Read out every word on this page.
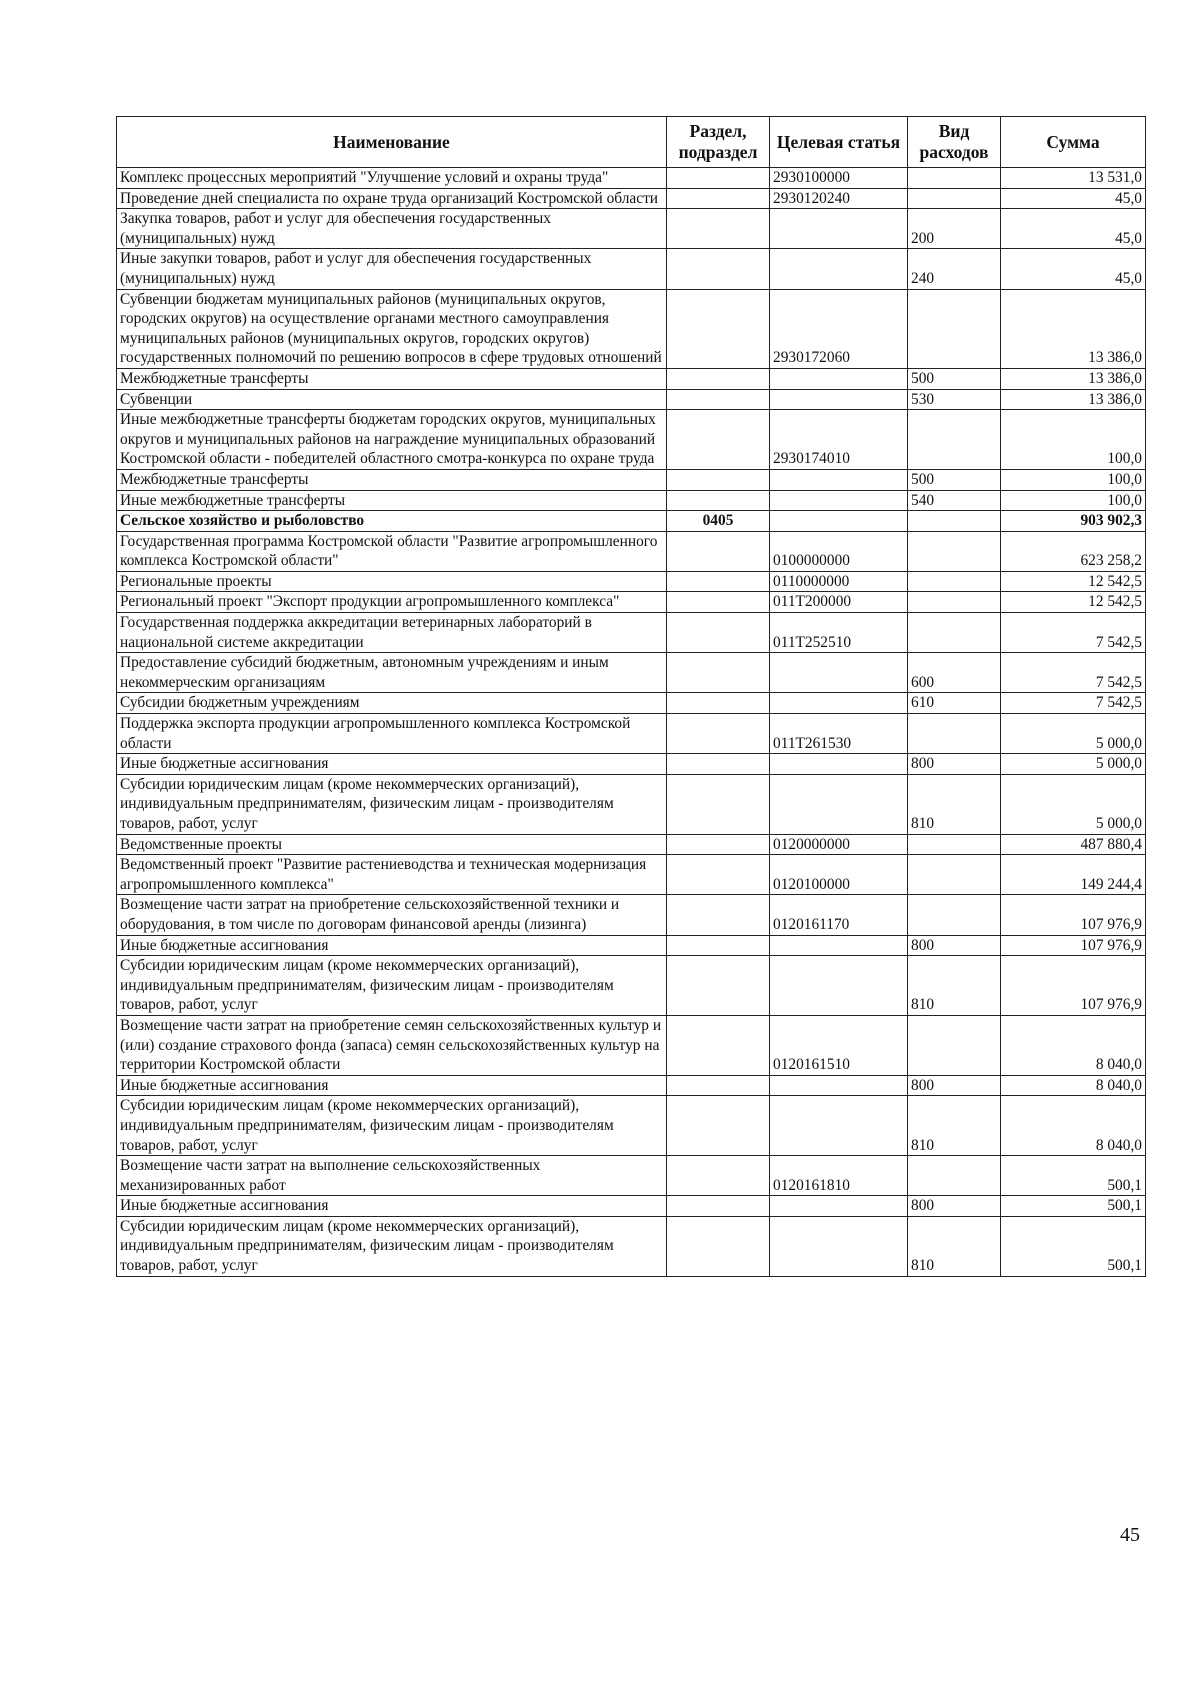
Наименование	Раздел, подраздел	Целевая статья	Вид расходов	Сумма
Комплекс процессных мероприятий "Улучшение условий и охраны труда"		2930100000		13 531,0
Проведение дней специалиста по охране труда организаций Костромской области		2930120240		45,0
Закупка товаров, работ и услуг для обеспечения государственных (муниципальных) нужд			200	45,0
Иные закупки товаров, работ и услуг для обеспечения государственных (муниципальных) нужд			240	45,0
Субвенции бюджетам муниципальных районов (муниципальных округов, городских округов) на осуществление органами местного самоуправления муниципальных районов (муниципальных округов, городских округов) государственных полномочий по решению вопросов в сфере трудовых отношений		2930172060		13 386,0
Межбюджетные трансферты			500	13 386,0
Субвенции			530	13 386,0
Иные межбюджетные трансферты бюджетам городских округов, муниципальных округов и муниципальных районов на награждение муниципальных образований Костромской области - победителей областного смотра-конкурса по охране труда		2930174010		100,0
Межбюджетные трансферты			500	100,0
Иные межбюджетные трансферты			540	100,0
Сельское хозяйство и рыболовство	0405			903 902,3
Государственная программа Костромской области "Развитие агропромышленного комплекса Костромской области"		0100000000		623 258,2
Региональные проекты		0110000000		12 542,5
Региональный проект "Экспорт продукции агропромышленного комплекса"		011Т200000		12 542,5
Государственная поддержка аккредитации ветеринарных лабораторий в национальной системе аккредитации		011Т252510		7 542,5
Предоставление субсидий бюджетным, автономным учреждениям и иным некоммерческим организациям			600	7 542,5
Субсидии бюджетным учреждениям			610	7 542,5
Поддержка экспорта продукции агропромышленного комплекса Костромской области		011Т261530		5 000,0
Иные бюджетные ассигнования			800	5 000,0
Субсидии юридическим лицам (кроме некоммерческих организаций), индивидуальным предпринимателям, физическим лицам - производителям товаров, работ, услуг			810	5 000,0
Ведомственные проекты		0120000000		487 880,4
Ведомственный проект "Развитие растениеводства и техническая модернизация агропромышленного комплекса"		0120100000		149 244,4
Возмещение части затрат на приобретение сельскохозяйственной техники и оборудования, в том числе по договорам финансовой аренды (лизинга)		0120161170		107 976,9
Иные бюджетные ассигнования			800	107 976,9
Субсидии юридическим лицам (кроме некоммерческих организаций), индивидуальным предпринимателям, физическим лицам - производителям товаров, работ, услуг			810	107 976,9
Возмещение части затрат на приобретение семян сельскохозяйственных культур и (или) создание страхового фонда (запаса) семян сельскохозяйственных культур на территории Костромской области		0120161510		8 040,0
Иные бюджетные ассигнования			800	8 040,0
Субсидии юридическим лицам (кроме некоммерческих организаций), индивидуальным предпринимателям, физическим лицам - производителям товаров, работ, услуг			810	8 040,0
Возмещение части затрат на выполнение сельскохозяйственных механизированных работ		0120161810		500,1
Иные бюджетные ассигнования			800	500,1
Субсидии юридическим лицам (кроме некоммерческих организаций), индивидуальным предпринимателям, физическим лицам - производителям товаров, работ, услуг			810	500,1
45
